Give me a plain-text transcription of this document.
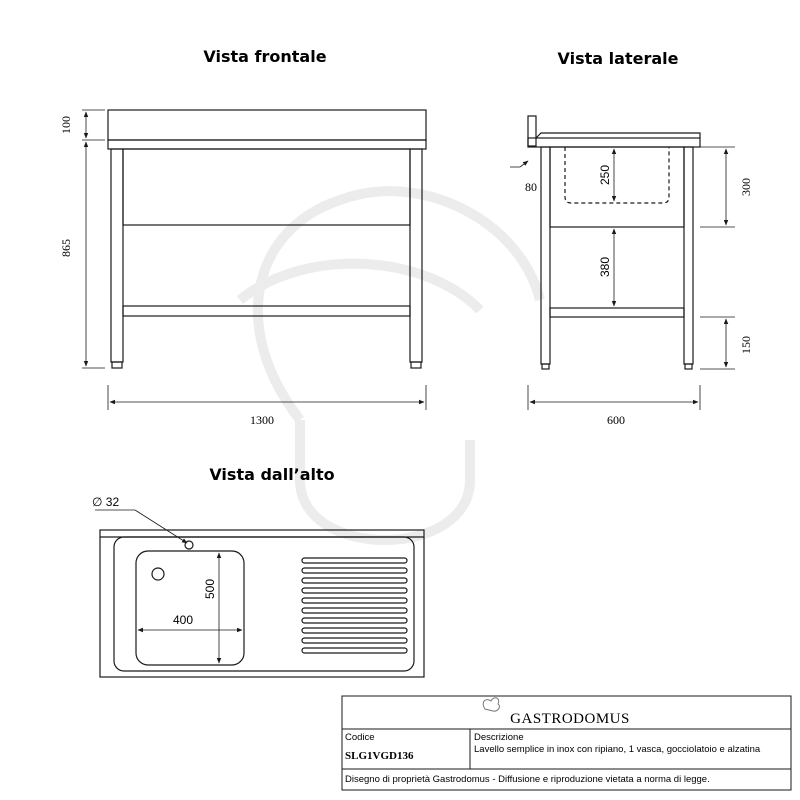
Vista frontale
100
865
1300
Vista laterale
80
250
380
300
150
600
Vista dall’alto
∅ 32
500
400
GASTRODOMUS
Codice
SLG1VGD136
Descrizione
Lavello semplice in inox con ripiano, 1 vasca, gocciolatoio e alzatina
Disegno di proprietà Gastrodomus - Diffusione e riproduzione vietata a norma di legge.
